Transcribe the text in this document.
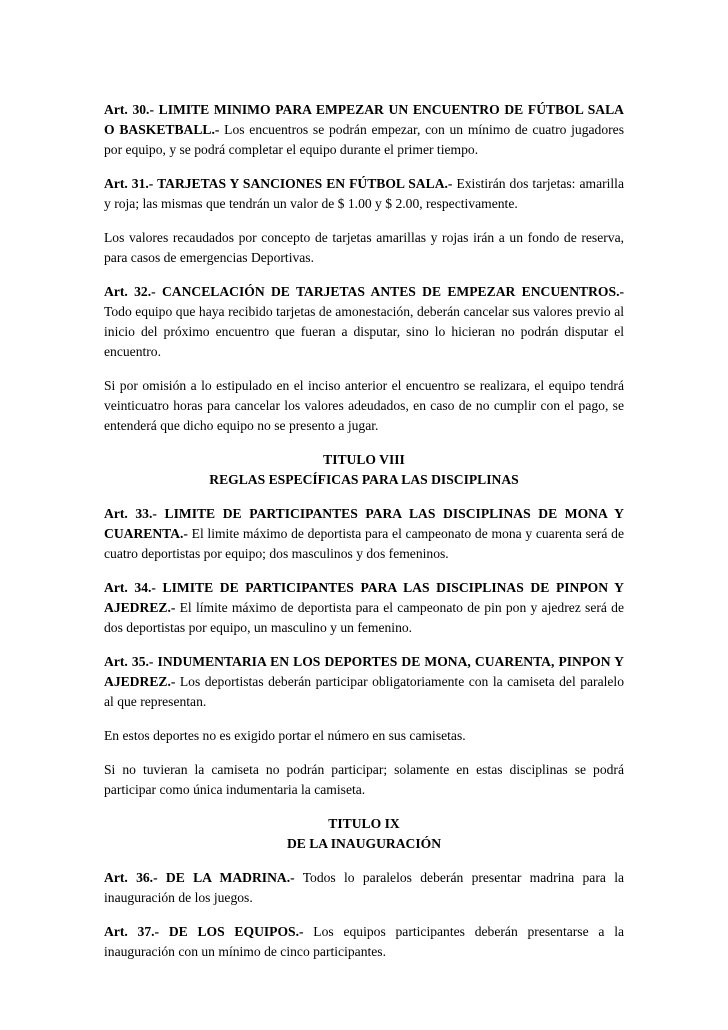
Art. 30.- LIMITE MINIMO PARA EMPEZAR UN ENCUENTRO DE FÚTBOL SALA O BASKETBALL.- Los encuentros se podrán empezar, con un mínimo de cuatro jugadores por equipo, y se podrá completar el equipo durante el primer tiempo.

Art. 31.- TARJETAS Y SANCIONES EN FÚTBOL SALA.- Existirán dos tarjetas: amarilla y roja; las mismas que tendrán un valor de $ 1.00 y $ 2.00, respectivamente.

Los valores recaudados por concepto de tarjetas amarillas y rojas irán a un fondo de reserva, para casos de emergencias Deportivas.

Art. 32.- CANCELACIÓN DE TARJETAS ANTES DE EMPEZAR ENCUENTROS.- Todo equipo que haya recibido tarjetas de amonestación, deberán cancelar sus valores previo al inicio del próximo encuentro que fueran a disputar, sino lo hicieran no podrán disputar el encuentro.

Si por omisión a lo estipulado en el inciso anterior el encuentro se realizara, el equipo tendrá veinticuatro horas para cancelar los valores adeudados, en caso de no cumplir con el pago, se entenderá que dicho equipo no se presento a jugar.

TITULO VIII
REGLAS ESPECÍFICAS PARA LAS DISCIPLINAS

Art. 33.- LIMITE DE PARTICIPANTES PARA LAS DISCIPLINAS DE MONA Y CUARENTA.- El limite máximo de deportista para el campeonato de mona y cuarenta será de cuatro deportistas por equipo; dos masculinos y dos femeninos.

Art. 34.- LIMITE DE PARTICIPANTES PARA LAS DISCIPLINAS DE PINPON Y AJEDREZ.- El límite máximo de deportista para el campeonato de pin pon y ajedrez será de dos deportistas por equipo, un masculino y un femenino.

Art. 35.- INDUMENTARIA EN LOS DEPORTES DE MONA, CUARENTA, PINPON Y AJEDREZ.- Los deportistas deberán participar obligatoriamente con la camiseta del paralelo al que representan.

En estos deportes no es exigido portar el número en sus camisetas.

Si no tuvieran la camiseta no podrán participar; solamente en estas disciplinas se podrá participar como única indumentaria la camiseta.

TITULO IX
DE LA INAUGURACIÓN

Art. 36.- DE LA MADRINA.- Todos lo paralelos deberán presentar madrina para la inauguración de los juegos.

Art. 37.- DE LOS EQUIPOS.- Los equipos participantes deberán presentarse a la inauguración con un mínimo de cinco participantes.
